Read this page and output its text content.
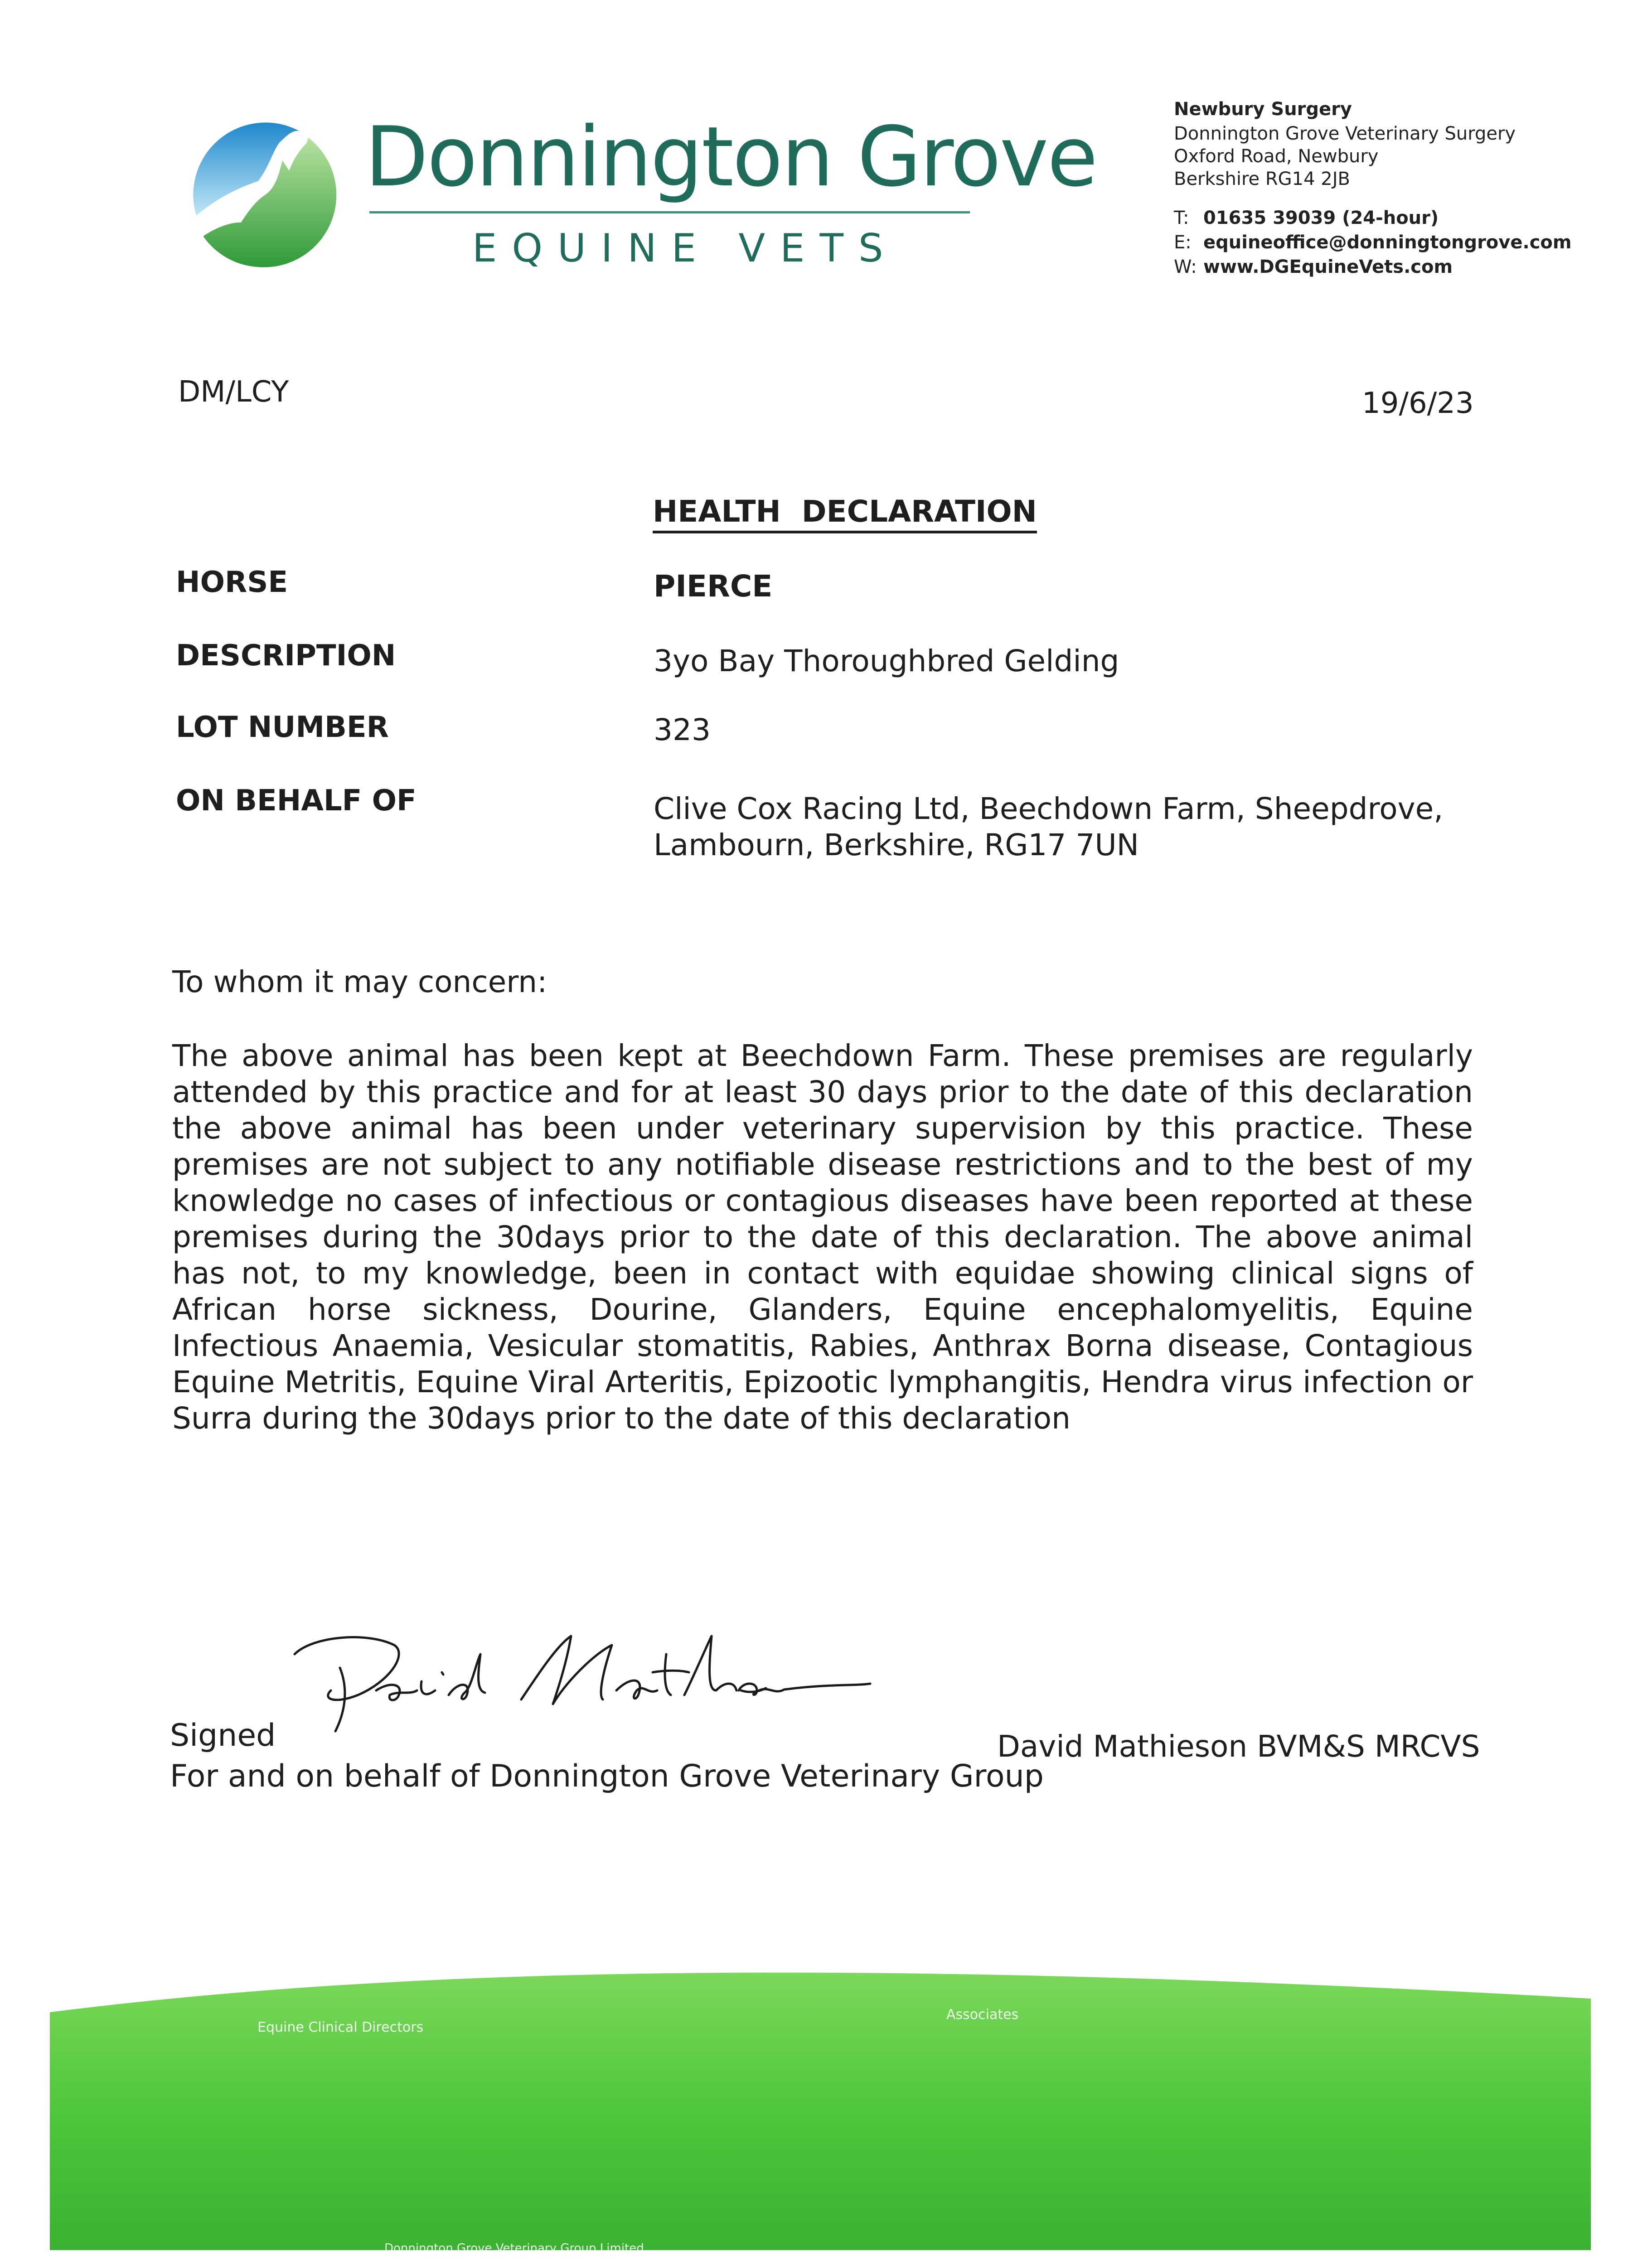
Donnington Grove
EQUINE VETS
Newbury Surgery
Donnington Grove Veterinary Surgery
Oxford Road, Newbury
Berkshire RG14 2JB
T: 01635 39039 (24-hour)
E: equineoffice@donningtongrove.com
W: www.DGEquineVets.com
DM/LCY	19/6/23
HEALTH  DECLARATION
HORSE	PIERCE
DESCRIPTION	3yo Bay Thoroughbred Gelding
LOT NUMBER	323
ON BEHALF OF	Clive Cox Racing Ltd, Beechdown Farm, Sheepdrove,
Lambourn, Berkshire, RG17 7UN
To whom it may concern:
The above animal has been kept at Beechdown Farm. These premises are regularly attended by this practice and for at least 30 days prior to the date of this declaration the above animal has been under veterinary supervision by this practice. These premises are not subject to any notifiable disease restrictions and to the best of my knowledge no cases of infectious or contagious diseases have been reported at these premises during the 30days prior to the date of this declaration. The above animal has not, to my knowledge, been in contact with equidae showing clinical signs of African horse sickness, Dourine, Glanders, Equine encephalomyelitis, Equine Infectious Anaemia, Vesicular stomatitis, Rabies, Anthrax Borna disease, Contagious Equine Metritis, Equine Viral Arteritis, Epizootic lymphangitis, Hendra virus infection or Surra during the 30days prior to the date of this declaration
Signed
For and on behalf of Donnington Grove Veterinary Group
David Mathieson BVM&S MRCVS
Equine Clinical Directors
Associates
Donnington Grove Veterinary Group Limited
